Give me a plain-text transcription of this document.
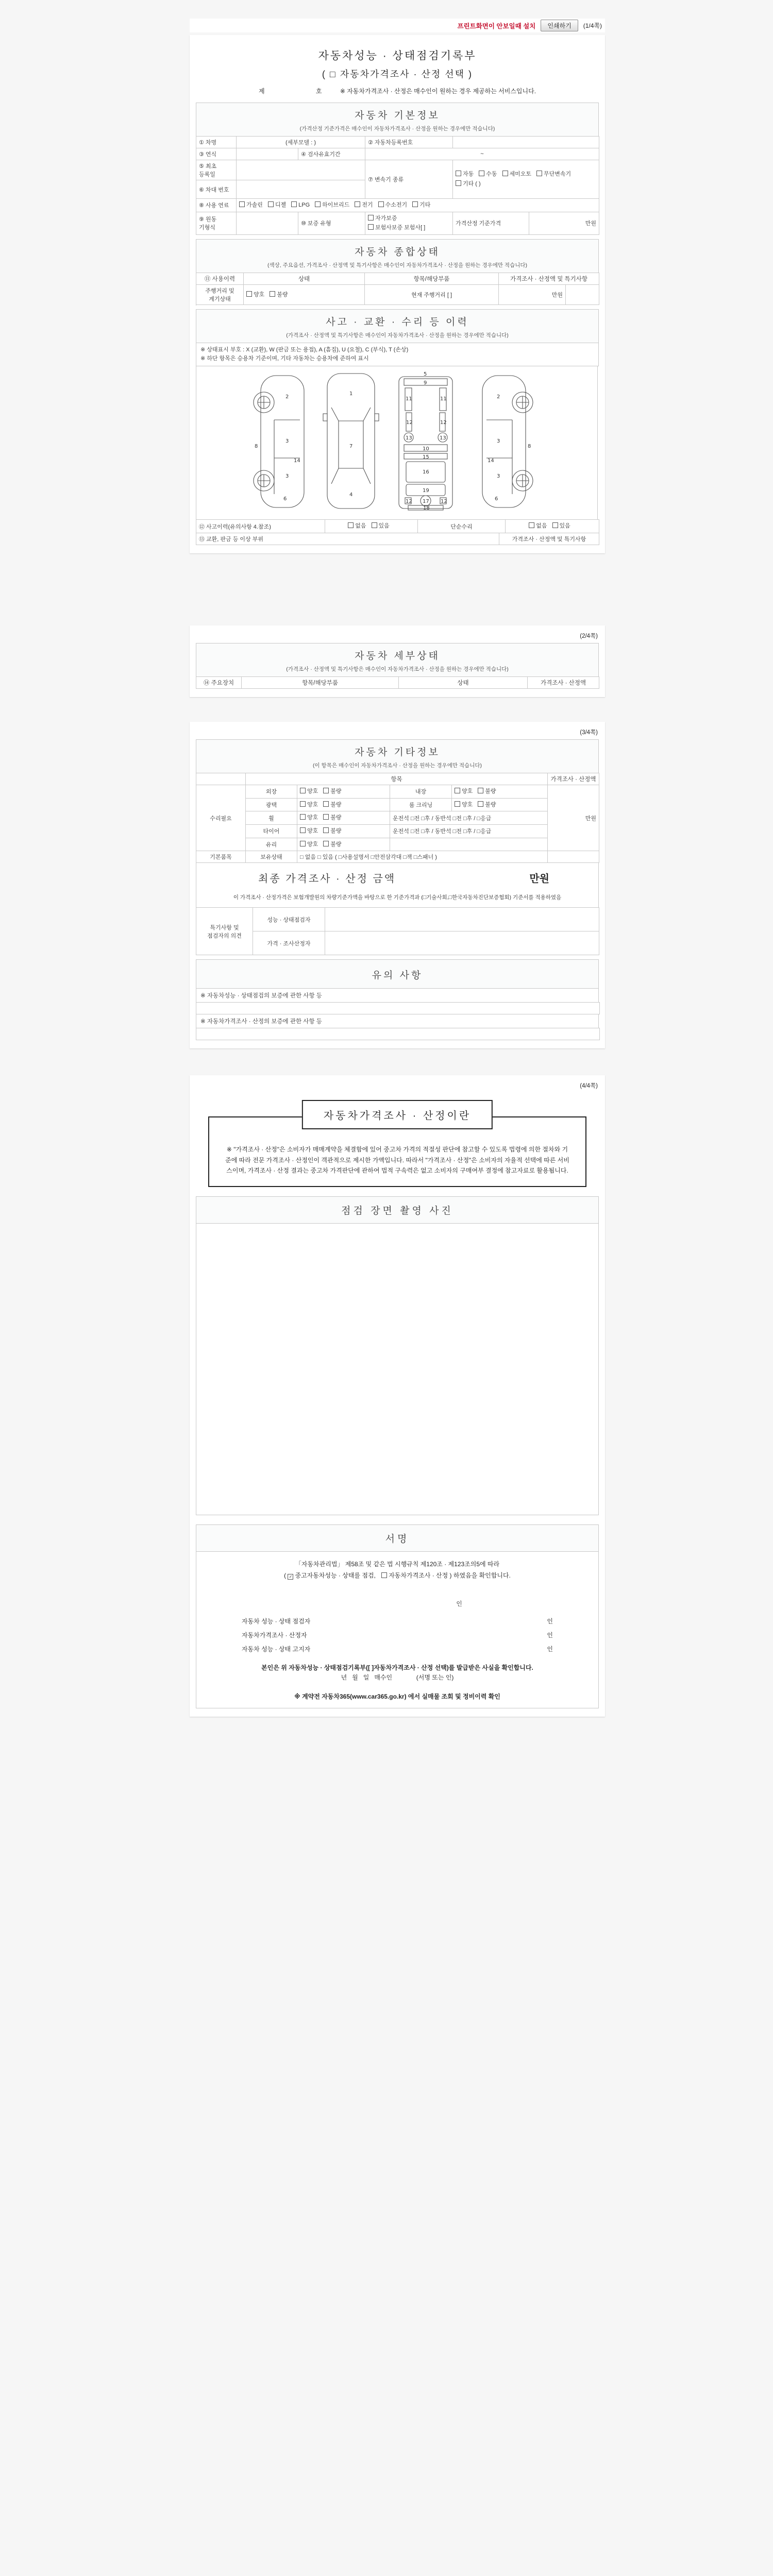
프린트화면이 안보일때 설치	인쇄하기	(1/4쪽)
자동차성능 · 상태점검기록부
( □ 자동차가격조사 · 산정 선택 )
제          호 ※ 자동차가격조사 · 산정은 매수인이 원하는 경우 제공하는 서비스입니다.
자동차 기본정보
(가격산정 기준가격은 매수인이 자동차가격조사 · 산정을 원하는 경우에만 적습니다)
① 차명	(세부모델 : )		② 자동차등록번호		
③ 연식		④ 검사유효기간	~		
⑤ 최초 등록일			⑦ 변속기 종류	자동 수동 세미오토 무단변속기기타 ( )	
⑥ 차대 번호					
⑧ 사용 연료	가솔린 디젤 LPG 하이브리드 전기 수소전기 기타				
⑨ 원동 기형식		⑩ 보증 유형	자가보증보험사보증 보험사[ ]	가격산정 기준가격	만원
자동차 종합상태
(색상, 주요옵션, 가격조사 · 산정액 및 특기사항은 매수인이 자동차가격조사 · 산정을 원하는 경우에만 적습니다)
⑪ 사용이력	상태	항목/해당부품	가격조사 · 산정액 및 특기사항	
주행거리 및 계기상태	양호 불량	현재 주행거리 [ ]	만원	

사고 · 교환 · 수리 등 이력
(가격조사 · 산정액 및 특기사항은 매수인이 자동차가격조사 · 산정을 원하는 경우에만 적습니다)
※ 상태표시 부호 : X (교환), W (판금 또는 용접), A (흠집), U (요철), C (부식), T (손상)
※ 하단 항목은 승용차 기준이며, 기타 자동차는 승용차에 준하여 표시
2
3
3
8
14
6
1
7
4
5
9
11	11
12	12
13	13
10
15
16
19
17
12	12
18
2
3
3
8
14
6
⑫ 사고이력(유의사항 4.참조)	없음 있음	단순수리	없음 있음
⑬ 교환, 판금 등 이상 부위	가격조사 · 산정액 및 특기사항
(2/4쪽)
자동차 세부상태
(가격조사 · 산정액 및 특기사항은 매수인이 자동차가격조사 · 산정을 원하는 경우에만 적습니다)
⑭ 주요장치	항목/해당부품	상태	가격조사 · 산정액
(3/4쪽)
자동차 기타정보
(이 항목은 매수인이 자동차가격조사 · 산정을 원하는 경우에만 적습니다)
	항목				가격조사 · 산정액
수리필요	외장	양호 불량	내장	양호 불량	만원
	광택	양호 불량	룸 크리닝	양호 불량	
	휠	양호 불량	운전석 □전 □후 / 동반석 □전 □후 / □응급		
	타이어	양호 불량	운전석 □전 □후 / 동반석 □전 □후 / □응급		
	유리	양호 불량			
기본품목	보유상태	□ 없음 □ 있음 ( □사용설명서 □안전삼각대 □잭 □스패너 )			
최종 가격조사 · 산정 금액	만원
이 가격조사 · 산정가격은 보험개발원의 차량기준가액을 바탕으로 한 기준가격과 (□기술사회,□한국자동차진단보증협회) 기준서를 적용하였음
특기사항 및 점검자의 의견	성능 · 상태점검자	
	가격 · 조사산정자	
유의 사항
※ 자동차성능 · 상태점검의 보증에 관한 사항 등
※ 자동차가격조사 · 산정의 보증에 관한 사항 등
(4/4쪽)
자동차가격조사 · 산정이란
※ "가격조사 · 산정"은 소비자가 매매계약을 체결함에 있어 중고차 가격의 적절성 판단에 참고할 수 있도록 법령에 의한 절차와 기준에 따라 전문 가격조사 · 산정인이 객관적으로 제시한 가액입니다. 따라서 "가격조사 · 산정"은 소비자의 자율적 선택에 따른 서비스이며, 가격조사 · 산정 결과는 중고차 가격판단에 관하여 법적 구속력은 없고 소비자의 구매여부 결정에 참고자료로 활용됩니다.
점검 장면 촬영 사진
서명
「자동차관리법」 제58조 및 같은 법 시행규칙 제120조 · 제123조의5에 따라
( ✓ 중고자동차성능 · 상태를 점검, 자동차가격조사 · 산정 ) 하였음을 확인합니다.
인
자동차 성능 · 상태 점검자	인
자동차가격조사 · 산정자	인
자동차 성능 · 상태 고지자	인
본인은 위 자동차성능 · 상태점검기록부([ ]자동차가격조사 · 산정 선택)를 발급받은 사실을 확인합니다.
년   월   일   매수인              (서명 또는 인)
※ 계약전 자동차365(www.car365.go.kr) 에서 실매물 조회 및 정비이력 확인
